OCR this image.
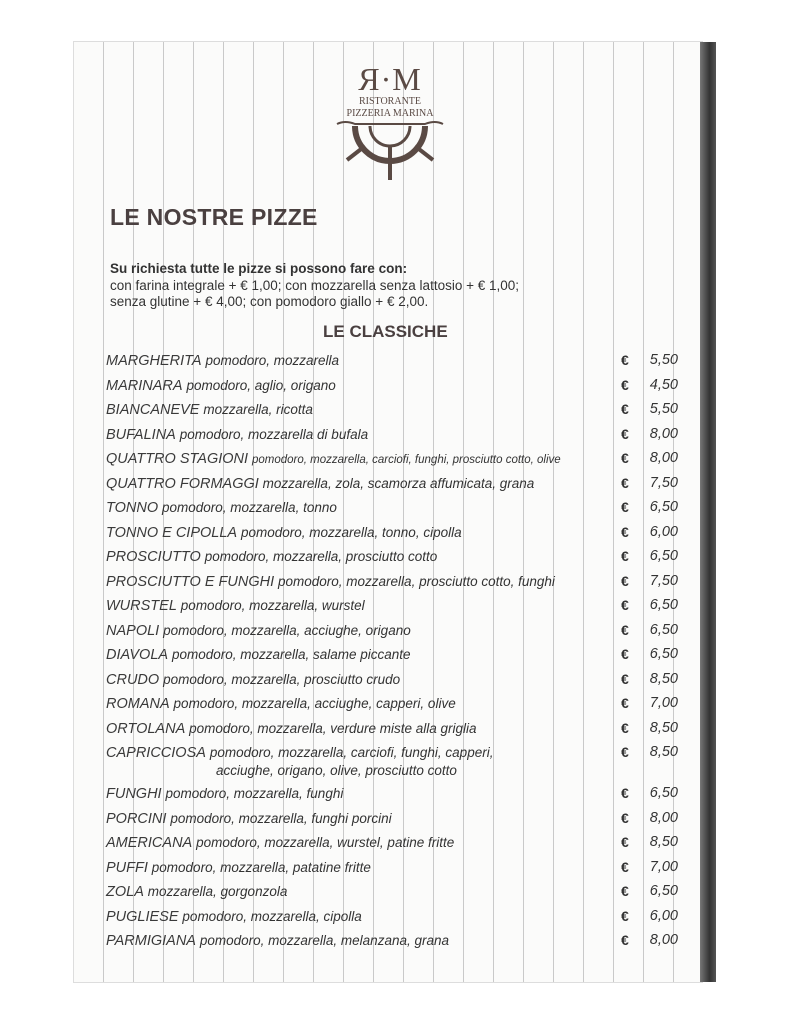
Я·M
RISTORANTE
PIZZERIA MARINA
LE NOSTRE PIZZE
Su richiesta tutte le pizze si possono fare con:
con farina integrale + € 1,00; con mozzarella senza lattosio + € 1,00;
senza glutine + € 4,00; con pomodoro giallo + € 2,00.
LE CLASSICHE
MARGHERITA pomodoro, mozzarella	€ 5,50
MARINARA pomodoro, aglio, origano	€ 4,50
BIANCANEVE mozzarella, ricotta	€ 5,50
BUFALINA pomodoro, mozzarella di bufala	€ 8,00
QUATTRO STAGIONI pomodoro, mozzarella, carciofi, funghi, prosciutto cotto, olive	€ 8,00
QUATTRO FORMAGGI mozzarella, zola, scamorza affumicata, grana	€ 7,50
TONNO pomodoro, mozzarella, tonno	€ 6,50
TONNO E CIPOLLA pomodoro, mozzarella, tonno, cipolla	€ 6,00
PROSCIUTTO pomodoro, mozzarella, prosciutto cotto	€ 6,50
PROSCIUTTO E FUNGHI pomodoro, mozzarella, prosciutto cotto, funghi	€ 7,50
WURSTEL pomodoro, mozzarella, wurstel	€ 6,50
NAPOLI pomodoro, mozzarella, acciughe, origano	€ 6,50
DIAVOLA pomodoro, mozzarella, salame piccante	€ 6,50
CRUDO pomodoro, mozzarella, prosciutto crudo	€ 8,50
ROMANA pomodoro, mozzarella, acciughe, capperi, olive	€ 7,00
ORTOLANA pomodoro, mozzarella, verdure miste alla griglia	€ 8,50
CAPRICCIOSA pomodoro, mozzarella, carciofi, funghi, capperi,
acciughe, origano, olive, prosciutto cotto
€ 8,50
FUNGHI pomodoro, mozzarella, funghi	€ 6,50
PORCINI pomodoro, mozzarella, funghi porcini	€ 8,00
AMERICANA pomodoro, mozzarella, wurstel, patine fritte	€ 8,50
PUFFI pomodoro, mozzarella, patatine fritte	€ 7,00
ZOLA mozzarella, gorgonzola	€ 6,50
PUGLIESE pomodoro, mozzarella, cipolla	€ 6,00
PARMIGIANA pomodoro, mozzarella, melanzana, grana	€ 8,00
